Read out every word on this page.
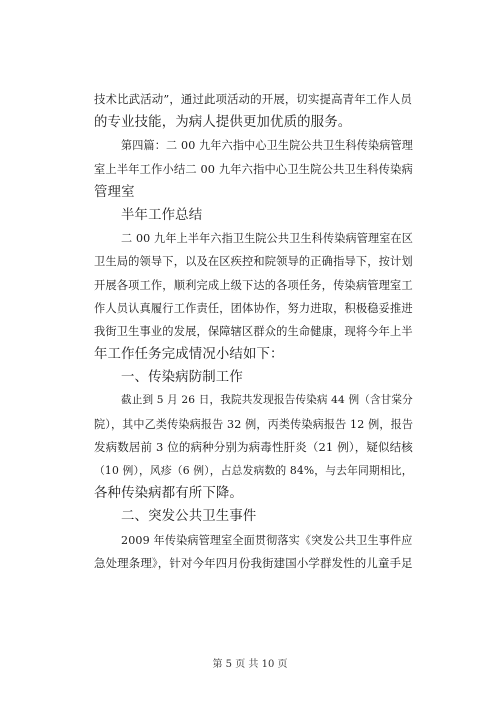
技术比武活动”，通过此项活动的开展，切实提高青年工作人员
的专业技能，为病人提供更加优质的服务。
第四篇：二 00 九年六指中心卫生院公共卫生科传染病管理
室上半年工作小结二 00 九年六指中心卫生院公共卫生科传染病
管理室
半年工作总结
二 00 九年上半年六指卫生院公共卫生科传染病管理室在区
卫生局的领导下，以及在区疾控和院领导的正确指导下，按计划
开展各项工作，顺利完成上级下达的各项任务，传染病管理室工
作人员认真履行工作责任，团体协作，努力进取，积极稳妥推进
我街卫生事业的发展，保障辖区群众的生命健康，现将今年上半
年工作任务完成情况小结如下：
一、传染病防制工作
截止到 5 月 26 日，我院共发现报告传染病 44 例（含甘棠分
院），其中乙类传染病报告 32 例，丙类传染病报告 12 例，报告
发病数居前 3 位的病种分别为病毒性肝炎（21 例），疑似结核
（10 例），风疹（6 例），占总发病数的 84%，与去年同期相比，
各种传染病都有所下降。
二、突发公共卫生事件
2009 年传染病管理室全面贯彻落实《突发公共卫生事件应
急处理条理》，针对今年四月份我街建国小学群发性的儿童手足
第 5 页 共 10 页
